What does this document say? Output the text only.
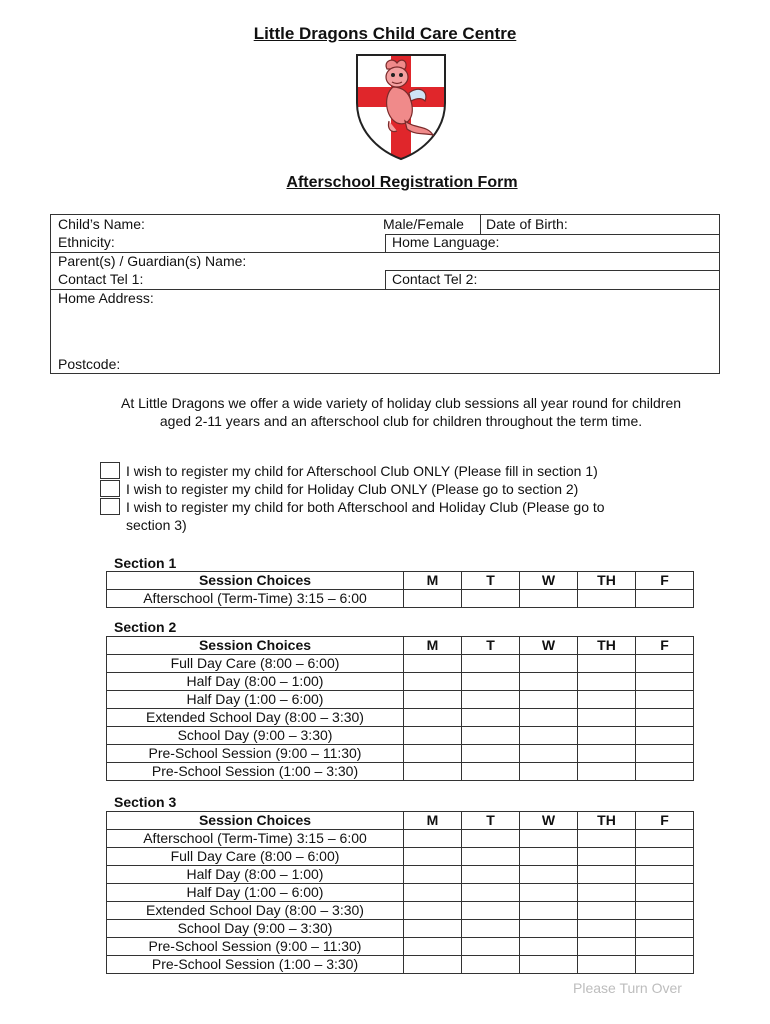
Little Dragons Child Care Centre
Afterschool Registration Form
Child’s Name:	Male/Female Date of Birth:
Ethnicity:	Home Language:
Parent(s) / Guardian(s) Name:
Contact Tel 1:	Contact Tel 2:
Home Address:
Postcode:
At Little Dragons we offer a wide variety of holiday club sessions all year round for children aged 2-11 years and an afterschool club for children throughout the term time.
I wish to register my child for Afterschool Club ONLY (Please fill in section 1)
I wish to register my child for Holiday Club ONLY (Please go to section 2)
I wish to register my child for both Afterschool and Holiday Club (Please go to
section 3)
Section 1
Session Choices	M	T	W	TH	F
Afterschool (Term-Time) 3:15 – 6:00					
Section 2
Session Choices	M	T	W	TH	F
Full Day Care (8:00 – 6:00)					
Half Day (8:00 – 1:00)					
Half Day (1:00 – 6:00)					
Extended School Day (8:00 – 3:30)					
School Day (9:00 – 3:30)					
Pre-School Session (9:00 – 11:30)					
Pre-School Session (1:00 – 3:30)					
Section 3
Session Choices	M	T	W	TH	F
Afterschool (Term-Time) 3:15 – 6:00					
Full Day Care (8:00 – 6:00)					
Half Day (8:00 – 1:00)					
Half Day (1:00 – 6:00)					
Extended School Day (8:00 – 3:30)					
School Day (9:00 – 3:30)					
Pre-School Session (9:00 – 11:30)					
Pre-School Session (1:00 – 3:30)					
Please Turn Over
